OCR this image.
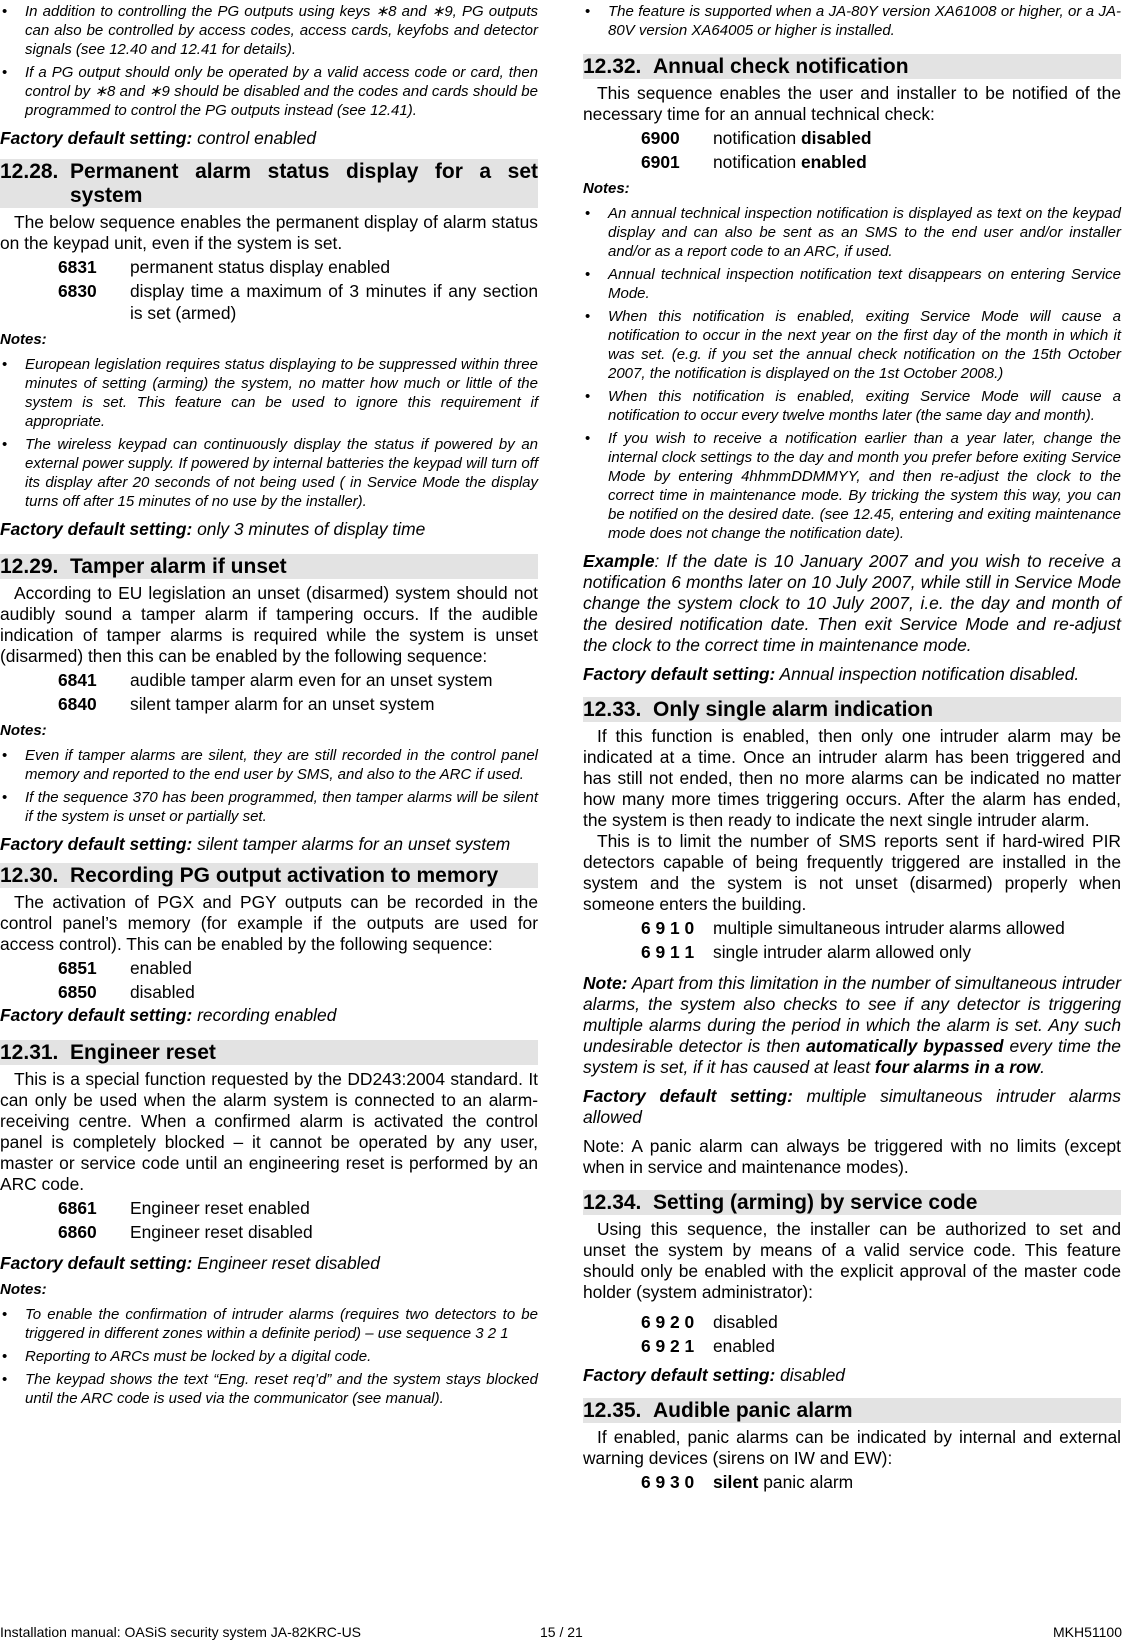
• In addition to controlling the PG outputs using keys ∗8 and ∗9, PG outputs can also be controlled by access codes, access cards, keyfobs and detector signals (see 12.40 and 12.41 for details).
• If a PG output should only be operated by a valid access code or card, then control by ∗8 and ∗9 should be disabled and the codes and cards should be programmed to control the PG outputs instead (see 12.41).
Factory default setting: control enabled
12.28. Permanent alarm status display for a set system

The below sequence enables the permanent display of alarm status on the keypad unit, even if the system is set.

6831	permanent status display enabled
6830	display time a maximum of 3 minutes if any section is set (armed)
Notes:
• European legislation requires status displaying to be suppressed within three minutes of setting (arming) the system, no matter how much or little of the system is set. This feature can be used to ignore this requirement if appropriate.
• The wireless keypad can continuously display the status if powered by an external power supply. If powered by internal batteries the keypad will turn off its display after 20 seconds of not being used ( in Service Mode the display turns off after 15 minutes of no use by the installer).
Factory default setting: only 3 minutes of display time
12.29. Tamper alarm if unset

According to EU legislation an unset (disarmed) system should not audibly sound a tamper alarm if tampering occurs. If the audible indication of tamper alarms is required while the system is unset (disarmed) then this can be enabled by the following sequence:

6841	audible tamper alarm even for an unset system
6840	silent tamper alarm for an unset system
Notes:
• Even if tamper alarms are silent, they are still recorded in the control panel memory and reported to the end user by SMS, and also to the ARC if used.
• If the sequence 370 has been programmed, then tamper alarms will be silent if the system is unset or partially set.
Factory default setting: silent tamper alarms for an unset system
12.30. Recording PG output activation to memory

The activation of PGX and PGY outputs can be recorded in the control panel’s memory (for example if the outputs are used for access control). This can be enabled by the following sequence:

6851	enabled
6850	disabled
Factory default setting: recording enabled
12.31. Engineer reset

This is a special function requested by the DD243:2004 standard. It can only be used when the alarm system is connected to an alarm-receiving centre. When a confirmed alarm is activated the control panel is completely blocked – it cannot be operated by any user, master or service code until an engineering reset is performed by an ARC code.

6861	Engineer reset enabled
6860	Engineer reset disabled
Factory default setting: Engineer reset disabled
Notes:
• To enable the confirmation of intruder alarms (requires two detectors to be triggered in different zones within a definite period) – use sequence 3 2 1
• Reporting to ARCs must be locked by a digital code.
• The keypad shows the text “Eng. reset req’d” and the system stays blocked until the ARC code is used via the communicator (see manual).
• The feature is supported when a JA-80Y version XA61008 or higher, or a JA-80V version XA64005 or higher is installed.
12.32. Annual check notification

This sequence enables the user and installer to be notified of the necessary time for an annual technical check:

6900	notification disabled
6901	notification enabled
Notes:
• An annual technical inspection notification is displayed as text on the keypad display and can also be sent as an SMS to the end user and/or installer and/or as a report code to an ARC, if used.
• Annual technical inspection notification text disappears on entering Service Mode.
• When this notification is enabled, exiting Service Mode will cause a notification to occur in the next year on the first day of the month in which it was set. (e.g. if you set the annual check notification on the 15th October 2007, the notification is displayed on the 1st October 2008.)
• When this notification is enabled, exiting Service Mode will cause a notification to occur every twelve months later (the same day and month).
• If you wish to receive a notification earlier than a year later, change the internal clock settings to the day and month you prefer before exiting Service Mode by entering 4hhmmDDMMYY, and then re-adjust the clock to the correct time in maintenance mode. By tricking the system this way, you can be notified on the desired date. (see 12.45, entering and exiting maintenance mode does not change the notification date).
Example: If the date is 10 January 2007 and you wish to receive a notification 6 months later on 10 July 2007, while still in Service Mode change the system clock to 10 July 2007, i.e. the day and month of the desired notification date. Then exit Service Mode and re-adjust the clock to the correct time in maintenance mode.
Factory default setting: Annual inspection notification disabled.
12.33. Only single alarm indication

If this function is enabled, then only one intruder alarm may be indicated at a time. Once an intruder alarm has been triggered and has still not ended, then no more alarms can be indicated no matter how many more times triggering occurs. After the alarm has ended, the system is then ready to indicate the next single intruder alarm.

This is to limit the number of SMS reports sent if hard-wired PIR detectors capable of being frequently triggered are installed in the system and the system is not unset (disarmed) properly when someone enters the building.

6 9 1 0	multiple simultaneous intruder alarms allowed
6 9 1 1	single intruder alarm allowed only
Note: Apart from this limitation in the number of simultaneous intruder alarms, the system also checks to see if any detector is triggering multiple alarms during the period in which the alarm is set. Any such undesirable detector is then automatically bypassed every time the system is set, if it has caused at least four alarms in a row.
Factory default setting: multiple simultaneous intruder alarms allowed

Note: A panic alarm can always be triggered with no limits (except when in service and maintenance modes).

12.34. Setting (arming) by service code

Using this sequence, the installer can be authorized to set and unset the system by means of a valid service code. This feature should only be enabled with the explicit approval of the master code holder (system administrator):

6 9 2 0	disabled
6 9 2 1	enabled
Factory default setting: disabled
12.35. Audible panic alarm

If enabled, panic alarms can be indicated by internal and external warning devices (sirens on IW and EW):

6 9 3 0	silent panic alarm
Installation manual: OASiS security system JA-82KRC-US	15 / 21	MKH51100
